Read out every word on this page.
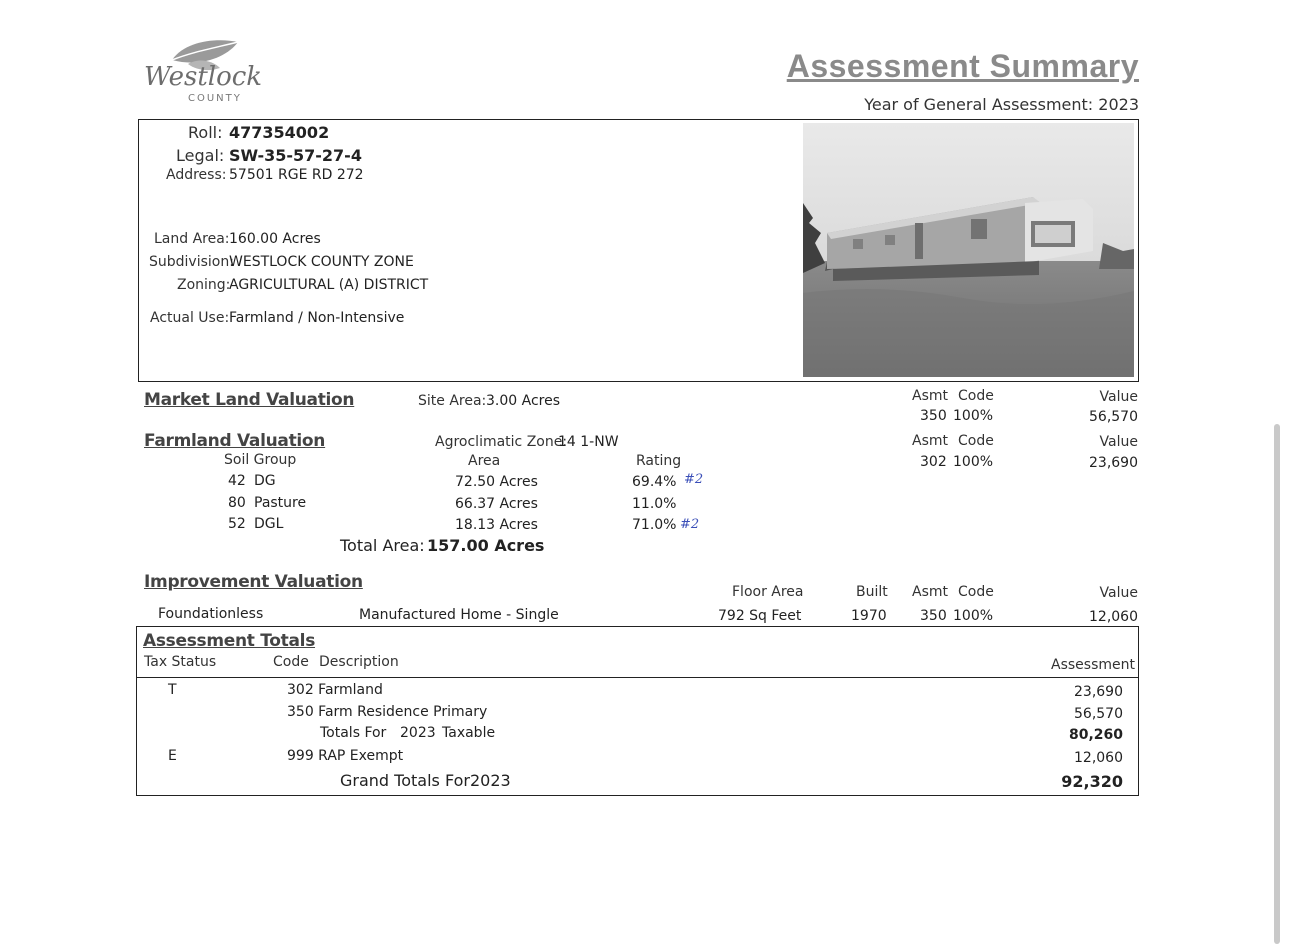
Westlock
COUNTY
Assessment Summary
Year of General Assessment: 2023
Roll: 477354002
Legal: SW-35-57-27-4
Address: 57501 RGE RD 272
Land Area: 160.00 Acres
Subdivision:
WESTLOCK COUNTY ZONE
Zoning:
AGRICULTURAL (A) DISTRICT
Actual Use: Farmland / Non-Intensive
Market Land Valuation	Site Area: 3.00 Acres	Asmt Code	Value
350 100%	56,570
Farmland Valuation	Agroclimatic Zone:
14 1-NW	Asmt Code	Value
302 100%	23,690
Soil Group	Area	Rating
42 DG	72.50 Acres	69.4% #2
80 Pasture	66.37 Acres	11.0%
52 DGL	18.13 Acres	71.0% #2
Total Area: 157.00 Acres
Improvement Valuation	Floor Area	Built Asmt Code	Value
Foundationless	Manufactured Home - Single	792 Sq Feet	1970 350 100%	12,060
Assessment Totals
Tax Status	Code Description	Assessment
T	302 Farmland	23,690
350 Farm Residence Primary	56,570
Totals For 2023 Taxable	80,260
E	999 RAP Exempt	12,060
Grand Totals For 2023	92,320
